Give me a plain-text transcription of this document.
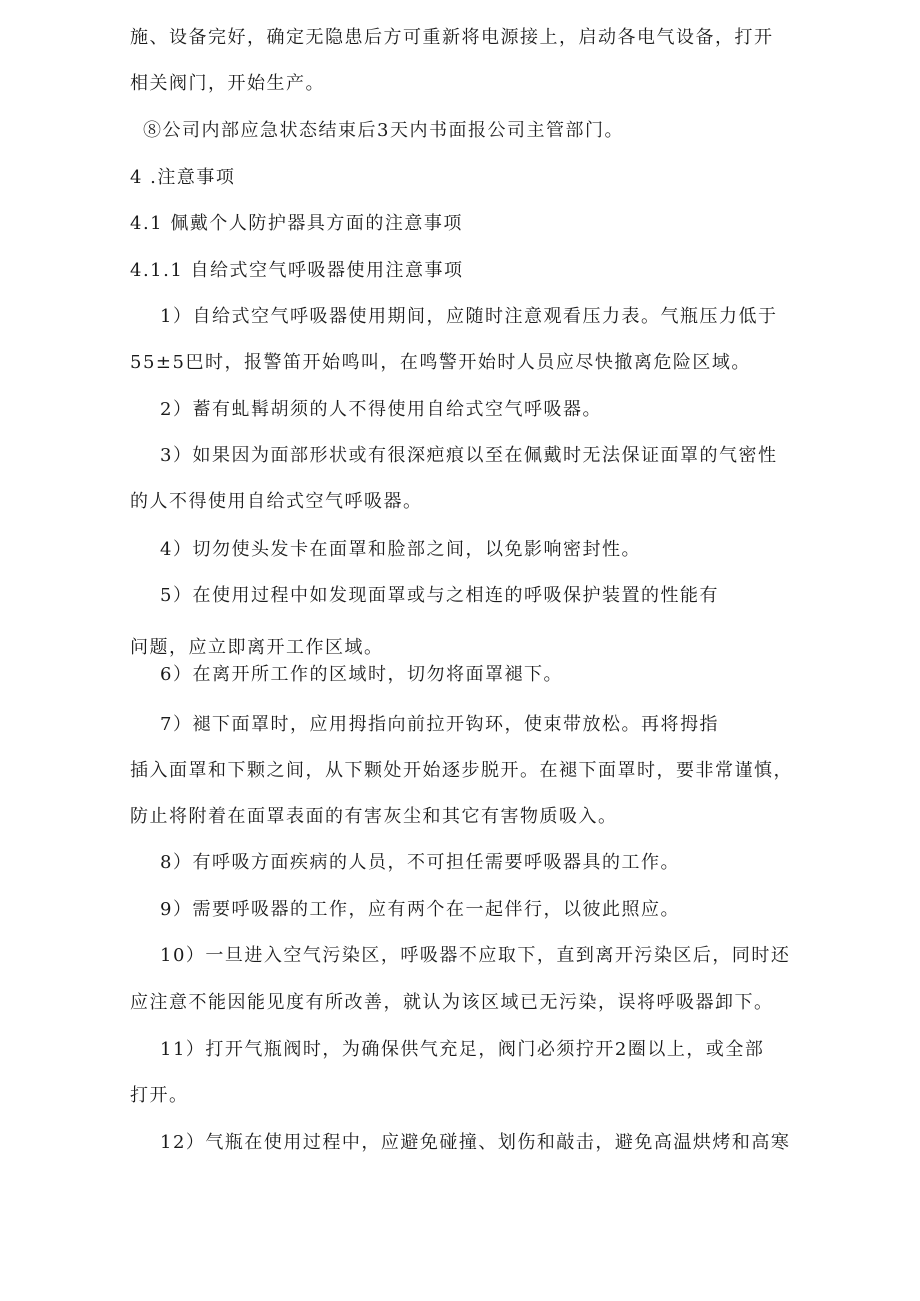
施、设备完好，确定无隐患后方可重新将电源接上，启动各电气设备，打开
相关阀门，开始生产。
⑧公司内部应急状态结束后3天内书面报公司主管部门。
4 .注意事项
4.1 佩戴个人防护器具方面的注意事项
4.1.1 自给式空气呼吸器使用注意事项
1）自给式空气呼吸器使用期间，应随时注意观看压力表。气瓶压力低于
55±5巴时，报警笛开始鸣叫，在鸣警开始时人员应尽快撤离危险区域。
2）蓄有虬髯胡须的人不得使用自给式空气呼吸器。
3）如果因为面部形状或有很深疤痕以至在佩戴时无法保证面罩的气密性
的人不得使用自给式空气呼吸器。
4）切勿使头发卡在面罩和脸部之间，以免影响密封性。
5）在使用过程中如发现面罩或与之相连的呼吸保护装置的性能有
问题，应立即离开工作区域。
6）在离开所工作的区域时，切勿将面罩褪下。
7）褪下面罩时，应用拇指向前拉开钩环，使束带放松。再将拇指
插入面罩和下颗之间，从下颗处开始逐步脱开。在褪下面罩时，要非常谨慎，
防止将附着在面罩表面的有害灰尘和其它有害物质吸入。
8）有呼吸方面疾病的人员，不可担任需要呼吸器具的工作。
9）需要呼吸器的工作，应有两个在一起伴行，以彼此照应。
10）一旦进入空气污染区，呼吸器不应取下，直到离开污染区后，同时还
应注意不能因能见度有所改善，就认为该区域已无污染，误将呼吸器卸下。
11）打开气瓶阀时，为确保供气充足，阀门必须拧开2圈以上，或全部
打开。
12）气瓶在使用过程中，应避免碰撞、划伤和敲击，避免高温烘烤和高寒
